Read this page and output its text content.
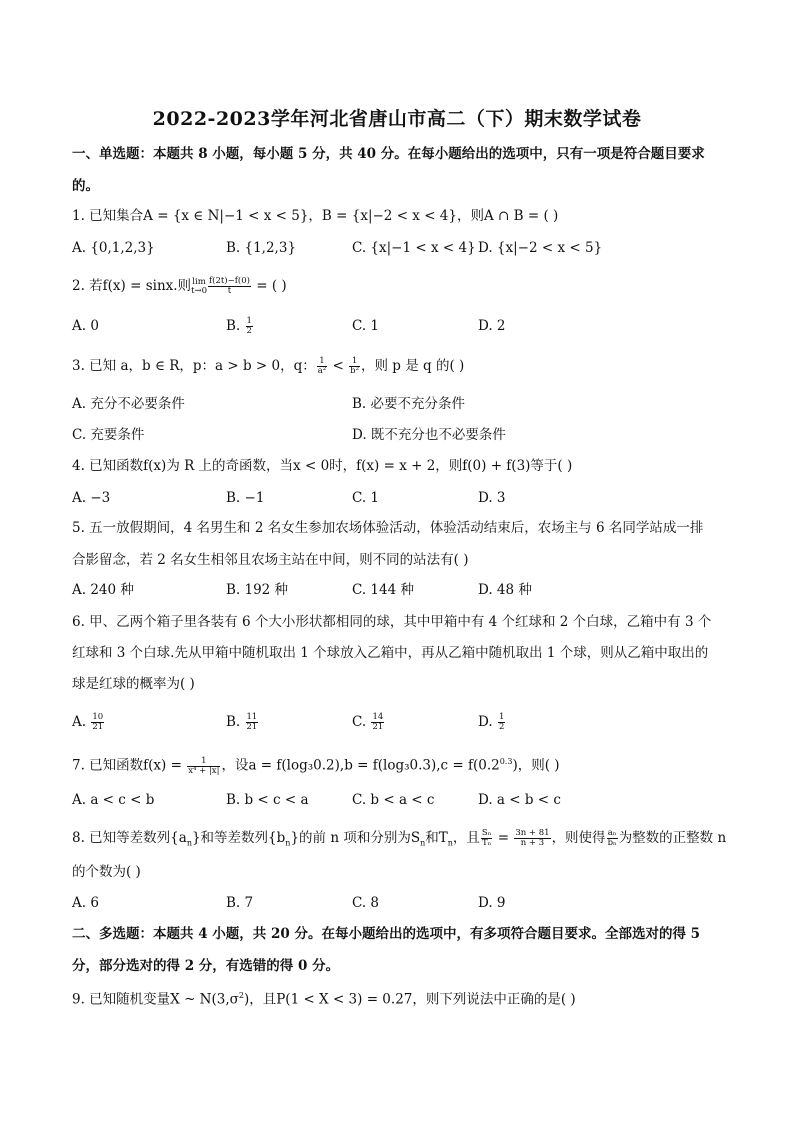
2022-2023学年河北省唐山市高二（下）期末数学试卷
一、单选题：本题共 8 小题，每小题 5 分，共 40 分。在每小题给出的选项中，只有一项是符合题目要求
的。
1. 已知集合A = {x ∈ N|−1 < x < 5}，B = {x|−2 < x < 4}，则A ∩ B = ( )
A. {0,1,2,3}	B. {1,2,3}	C. {x|−1 < x < 4} D. {x|−2 < x < 5}
2. 若f(x) = sinx.则 lim
$t\to 0 \frac{f(2t)-f(0)}{t}$ = ( )
A. 0	B. $\frac{1}{2}$	C. 1	D. 2
3. 已知 a，b ∈ R，p：a > b > 0，q： $\frac{1}{\text{a²}} < \frac{1}{\text{b²}}$ ，则 p 是 q 的( )
A. 充分不必要条件	B. 必要不充分条件
C. 充要条件	D. 既不充分也不必要条件
4. 已知函数f(x)为 R 上的奇函数，当x < 0时，f(x) = x + 2，则f(0) + f(3)等于( )
A. −3	B. −1	C. 1	D. 3
5. 五一放假期间，4 名男生和 2 名女生参加农场体验活动，体验活动结束后，农场主与 6 名同学站成一排
合影留念，若 2 名女生相邻且农场主站在中间，则不同的站法有( )
A. 240 种	B. 192 种	C. 144 种	D. 48 种
6. 甲、乙两个箱子里各装有 6 个大小形状都相同的球，其中甲箱中有 4 个红球和 2 个白球，乙箱中有 3 个
红球和 3 个白球.先从甲箱中随机取出 1 个球放入乙箱中，再从乙箱中随机取出 1 个球，则从乙箱中取出的
球是红球的概率为( )
A. $\frac{10}{21}$	B. $\frac{11}{21}$	C. $\frac{14}{21}$	D. $\frac{1}{2}$
7. 已知函数$f(x) = \frac{1}{\text{x⁴ + |x|}}$ ，设$a = f(\log_30.2),b = f(\log_30.3),c = f(0.2^{0.3})$，则( )
A. a < c < b	B. b < c < a	C. b < a < c	D. a < b < c
8. 已知等差数列$\{a_n\}$和等差数列$\{b_n\}$的前 n 项和分别为$S_n$和$T_n$，且 $\frac{\text{Sₙ}}{\text{Tₙ}} = \frac{3n + 81}{n + 3}$ ，则使得 $\frac{\text{aₙ}}{\text{bₙ}}$ 为整数的正整数 n
的个数为( )
A. 6	B. 7	C. 8	D. 9
二、多选题：本题共 4 小题，共 20 分。在每小题给出的选项中，有多项符合题目要求。全部选对的得 5
分，部分选对的得 2 分，有选错的得 0 分。
9. 已知随机变量X ~ $N(3,\sigma^2)$，且P(1 < X < 3) = 0.27，则下列说法中正确的是( )
